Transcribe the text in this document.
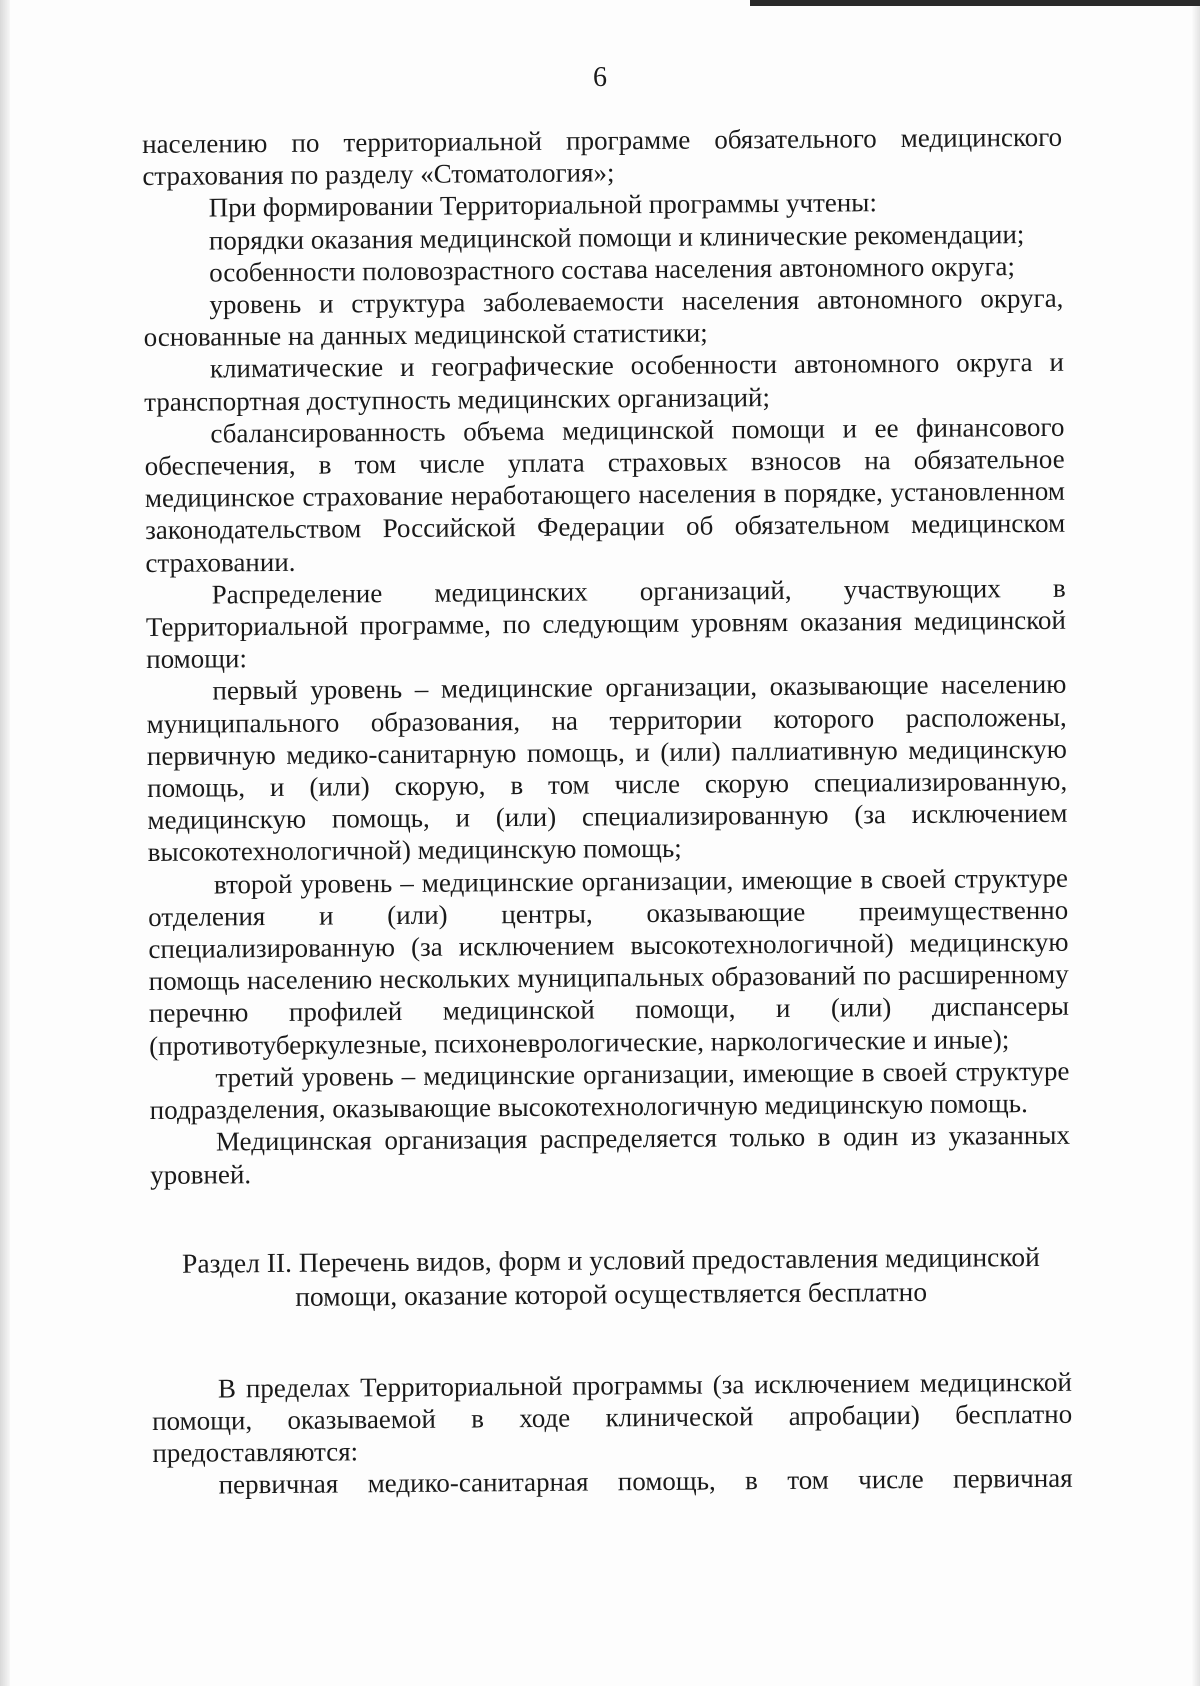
6

населению по территориальной программе обязательного медицинского страхования по разделу «Стоматология»;

При формировании Территориальной программы учтены:

порядки оказания медицинской помощи и клинические рекомендации;

особенности половозрастного состава населения автономного округа;

уровень и структура заболеваемости населения автономного округа, основанные на данных медицинской статистики;

климатические и географические особенности автономного округа и транспортная доступность медицинских организаций;

сбалансированность объема медицинской помощи и ее финансового обеспечения, в том числе уплата страховых взносов на обязательное медицинское страхование неработающего населения в порядке, установленном законодательством Российской Федерации об обязательном медицинском страховании.

Распределение медицинских организаций, участвующих в Территориальной программе, по следующим уровням оказания медицинской помощи:

первый уровень – медицинские организации, оказывающие населению муниципального образования, на территории которого расположены, первичную медико-санитарную помощь, и (или) паллиативную медицинскую помощь, и (или) скорую, в том числе скорую специализированную, медицинскую помощь, и (или) специализированную (за исключением высокотехнологичной) медицинскую помощь;

второй уровень – медицинские организации, имеющие в своей структуре отделения и (или) центры, оказывающие преимущественно специализированную (за исключением высокотехнологичной) медицинскую помощь населению нескольких муниципальных образований по расширенному перечню профилей медицинской помощи, и (или) диспансеры (противотуберкулезные, психоневрологические, наркологические и иные);

третий уровень – медицинские организации, имеющие в своей структуре подразделения, оказывающие высокотехнологичную медицинскую помощь.

Медицинская организация распределяется только в один из указанных уровней.

Раздел II. Перечень видов, форм и условий предоставления медицинской помощи, оказание которой осуществляется бесплатно

В пределах Территориальной программы (за исключением медицинской помощи, оказываемой в ходе клинической апробации) бесплатно предоставляются:

первичная медико-санитарная помощь, в том числе первичная
